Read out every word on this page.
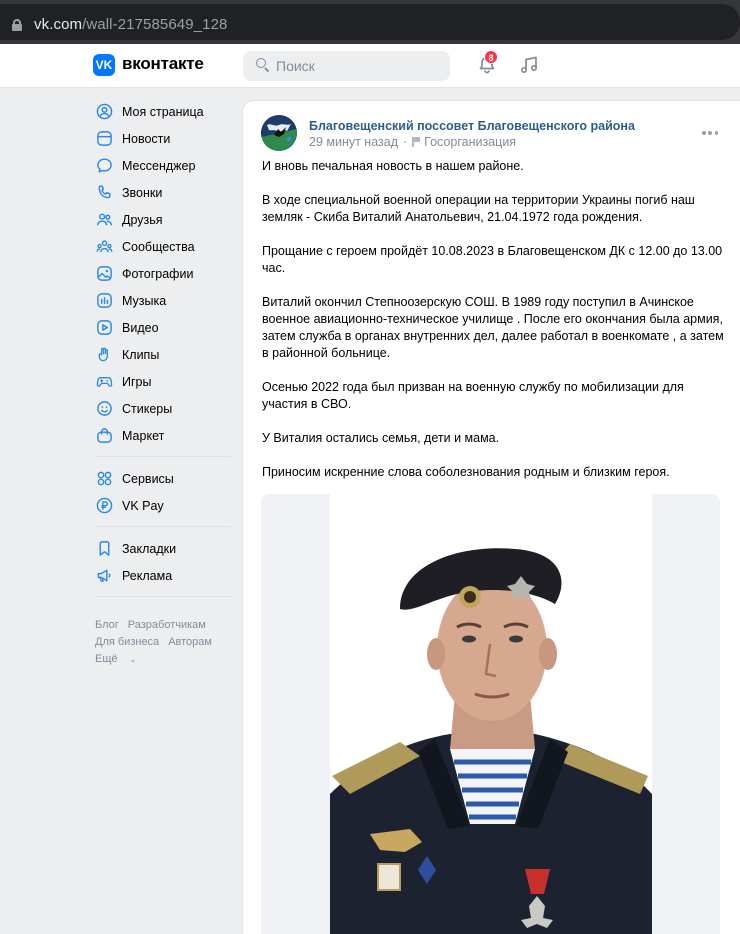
vk.com/wall-217585649_128
VK вконтакте	Поиск	8
Моя страница
Новости
Мессенджер
Звонки
Друзья
Сообщества
Фотографии
Музыка
Видео
Клипы
Игры
Стикеры
Маркет
Сервисы
VK Pay
Закладки
Реклама
Блог Разработчикам
Для бизнеса Авторам
Ещё ⌄
Благовещенский поссовет Благовещенского района
29 минут назад · Госорганизация

И вновь печальная новость в нашем районе.

В ходе специальной военной операции на территории Украины погиб наш земляк - Скиба Виталий Анатольевич, 21.04.1972 года рождения.

Прощание с героем пройдёт 10.08.2023 в Благовещенском ДК с 12.00 до 13.00 час.

Виталий окончил Степноозерскую СОШ. В 1989 году поступил в Ачинское военное авиационно-техническое училище . После его окончания была армия, затем служба в органах внутренних дел, далее работал в военкомате , а затем в районной больнице.

Осенью 2022 года был призван на военную службу по мобилизации для участия в СВО.

У Виталия остались семья, дети и мама.

Приносим искренние слова соболезнования родным и близким героя.
